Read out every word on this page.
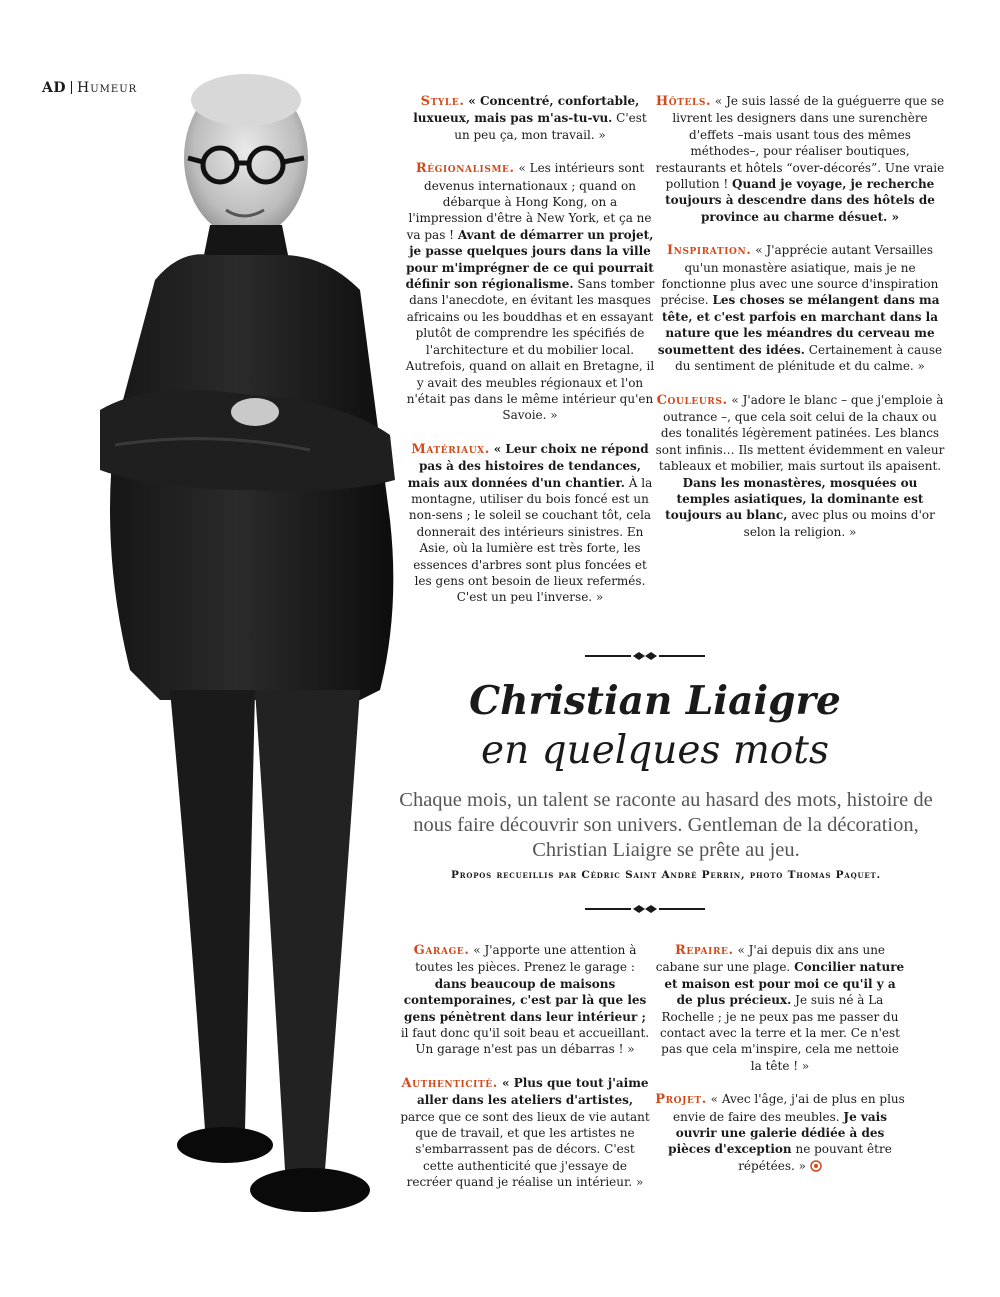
AD Humeur

Style . « Concentré, confortable, luxueux, mais pas m'as-tu-vu. C'est un peu ça, mon travail. »

Régionalisme . « Les intérieurs sont devenus internationaux ; quand on débarque à Hong Kong, on a l'impression d'être à New York, et ça ne va pas ! Avant de démarrer un projet, je passe quelques jours dans la ville pour m'imprégner de ce qui pourrait définir son régionalisme. Sans tomber dans l'anecdote, en évitant les masques africains ou les bouddhas et en essayant plutôt de comprendre les spécifiés de l'architecture et du mobilier local. Autrefois, quand on allait en Bretagne, il y avait des meubles régionaux et l'on n'était pas dans le même intérieur qu'en Savoie. »

Matériaux . « Leur choix ne répond pas à des histoires de tendances, mais aux données d'un chantier. À la montagne, utiliser du bois foncé est un non-sens ; le soleil se couchant tôt, cela donnerait des intérieurs sinistres. En Asie, où la lumière est très forte, les essences d'arbres sont plus foncées et les gens ont besoin de lieux refermés. C'est un peu l'inverse. »

Hôtels . « Je suis lassé de la guéguerre que se livrent les designers dans une surenchère d'effets –mais usant tous des mêmes méthodes–, pour réaliser boutiques, restaurants et hôtels “over-décorés”. Une vraie pollution ! Quand je voyage, je recherche toujours à descendre dans des hôtels de province au charme désuet. »

Inspiration . « J'apprécie autant Versailles qu'un monastère asiatique, mais je ne fonctionne plus avec une source d'inspiration précise. Les choses se mélangent dans ma tête, et c'est parfois en marchant dans la nature que les méandres du cerveau me soumettent des idées. Certainement à cause du sentiment de plénitude et du calme. »

Couleurs . « J'adore le blanc – que j'emploie à outrance –, que cela soit celui de la chaux ou des tonalités légèrement patinées. Les blancs sont infinis… Ils mettent évidemment en valeur tableaux et mobilier, mais surtout ils apaisent. Dans les monastères, mosquées ou temples asiatiques, la dominante est toujours au blanc, avec plus ou moins d'or selon la religion. »

Christian Liaigre
en quelques mots
Chaque mois, un talent se raconte au hasard des mots, histoire de nous faire découvrir son univers. Gentleman de la décoration, Christian Liaigre se prête au jeu.
Propos recueillis par Cédric Saint André Perrin, photo Thomas Paquet.

Garage . « J'apporte une attention à toutes les pièces. Prenez le garage : dans beaucoup de maisons contemporaines, c'est par là que les gens pénètrent dans leur intérieur ; il faut donc qu'il soit beau et accueillant. Un garage n'est pas un débarras ! »

Authenticité . « Plus que tout j'aime aller dans les ateliers d'artistes, parce que ce sont des lieux de vie autant que de travail, et que les artistes ne s'embarrassent pas de décors. C'est cette authenticité que j'essaye de recréer quand je réalise un intérieur. »

Repaire . « J'ai depuis dix ans une cabane sur une plage. Concilier nature et maison est pour moi ce qu'il y a de plus précieux. Je suis né à La Rochelle ; je ne peux pas me passer du contact avec la terre et la mer. Ce n'est pas que cela m'inspire, cela me nettoie la tête ! »

Projet . « Avec l'âge, j'ai de plus en plus envie de faire des meubles. Je vais ouvrir une galerie dédiée à des pièces d'exception ne pouvant être répétées. »
